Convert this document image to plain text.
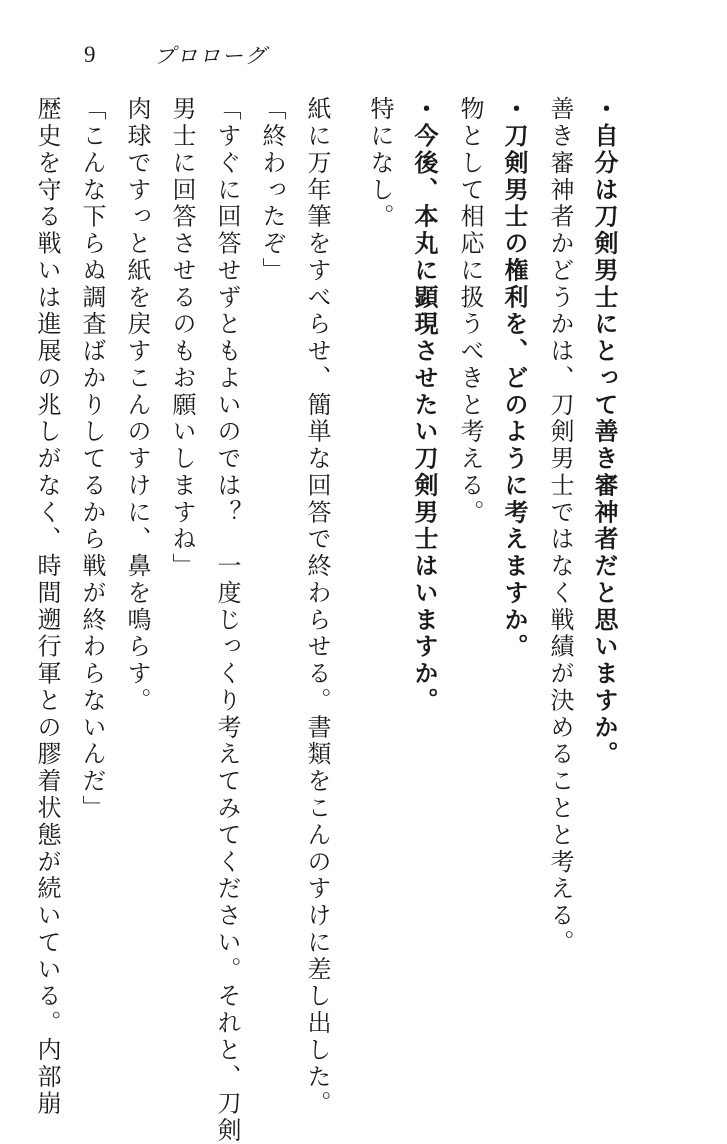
9	プロローグ
・自分は刀剣男士にとって善き審神者だと思いますか。
善き審神者かどうかは、刀剣男士ではなく戦績が決めることと考える。
・刀剣男士の権利を、どのように考えますか。
物として相応に扱うべきと考える。
・今後、本丸に顕現させたい刀剣男士はいますか。
特になし。
紙に万年筆をすべらせ、簡単な回答で終わらせる。書類をこんのすけに差し出した。
「終わったぞ」
「すぐに回答せずともよいのでは？　一度じっくり考えてみてください。それと、刀剣
男士に回答させるのもお願いしますね」
肉球ですっと紙を戻すこんのすけに、鼻を鳴らす。
「こんな下らぬ調査ばかりしてるから戦が終わらないんだ」
歴史を守る戦いは進展の兆しがなく、時間遡行軍との膠着状態が続いている。内部崩
